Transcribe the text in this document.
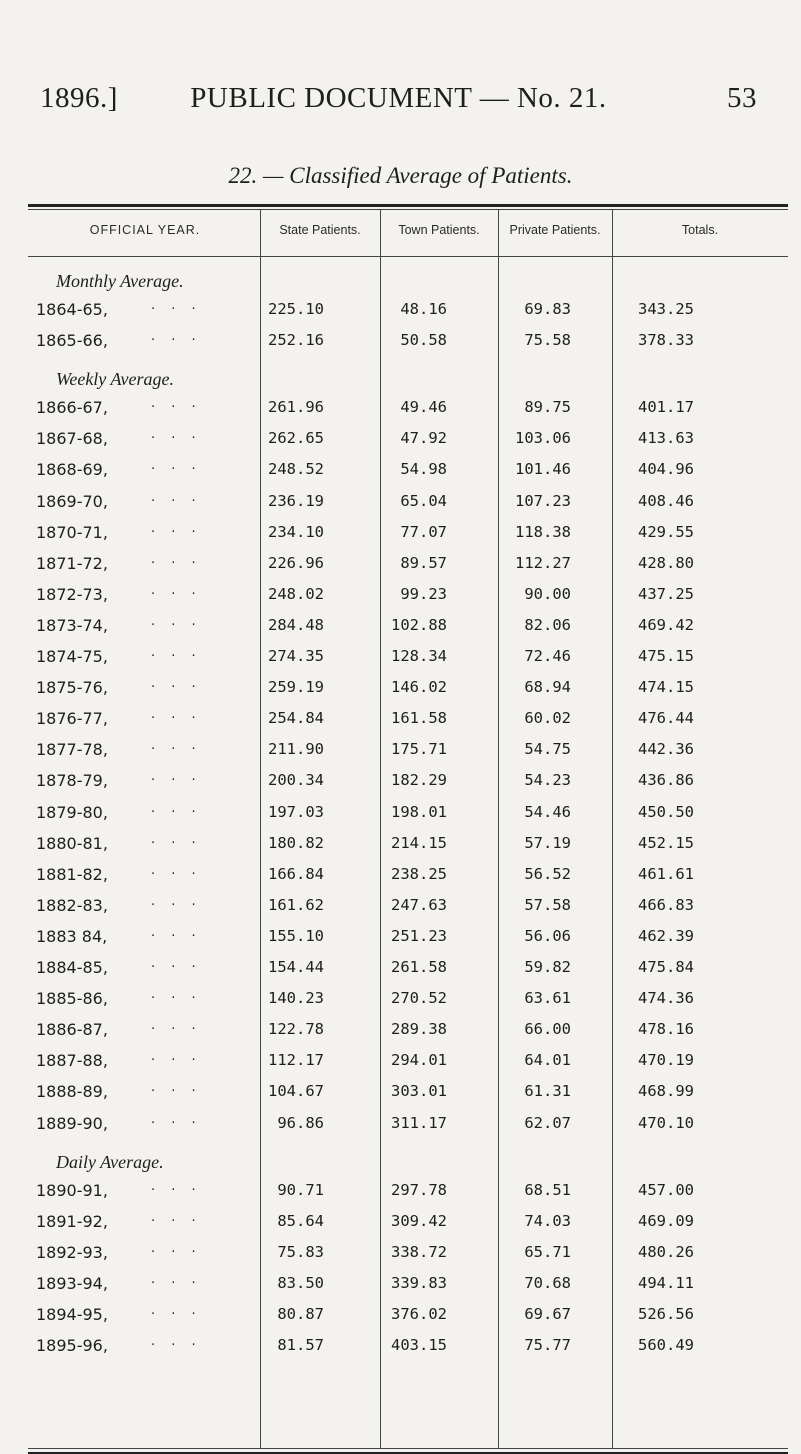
1896.]	PUBLIC DOCUMENT — No. 21.	53
22. — Classified Average of Patients.
OFFICIAL YEAR.	State Patients.	Town Patients.	Private Patients.	Totals.
Monthly Average.
1864-65,	. . .	225.10	48.16	69.83	343.25
1865-66,	. . .	252.16	50.58	75.58	378.33
Weekly Average.
1866-67,	. . .	261.96	49.46	89.75	401.17
1867-68,	. . .	262.65	47.92	103.06	413.63
1868-69,	. . .	248.52	54.98	101.46	404.96
1869-70,	. . .	236.19	65.04	107.23	408.46
1870-71,	. . .	234.10	77.07	118.38	429.55
1871-72,	. . .	226.96	89.57	112.27	428.80
1872-73,	. . .	248.02	99.23	90.00	437.25
1873-74,	. . .	284.48	102.88	82.06	469.42
1874-75,	. . .	274.35	128.34	72.46	475.15
1875-76,	. . .	259.19	146.02	68.94	474.15
1876-77,	. . .	254.84	161.58	60.02	476.44
1877-78,	. . .	211.90	175.71	54.75	442.36
1878-79,	. . .	200.34	182.29	54.23	436.86
1879-80,	. . .	197.03	198.01	54.46	450.50
1880-81,	. . .	180.82	214.15	57.19	452.15
1881-82,	. . .	166.84	238.25	56.52	461.61
1882-83,	. . .	161.62	247.63	57.58	466.83
1883 84,	. . .	155.10	251.23	56.06	462.39
1884-85,	. . .	154.44	261.58	59.82	475.84
1885-86,	. . .	140.23	270.52	63.61	474.36
1886-87,	. . .	122.78	289.38	66.00	478.16
1887-88,	. . .	112.17	294.01	64.01	470.19
1888-89,	. . .	104.67	303.01	61.31	468.99
1889-90,	. . .	96.86	311.17	62.07	470.10
Daily Average.
1890-91,	. . .	90.71	297.78	68.51	457.00
1891-92,	. . .	85.64	309.42	74.03	469.09
1892-93,	. . .	75.83	338.72	65.71	480.26
1893-94,	. . .	83.50	339.83	70.68	494.11
1894-95,	. . .	80.87	376.02	69.67	526.56
1895-96,	. . .	81.57	403.15	75.77	560.49
